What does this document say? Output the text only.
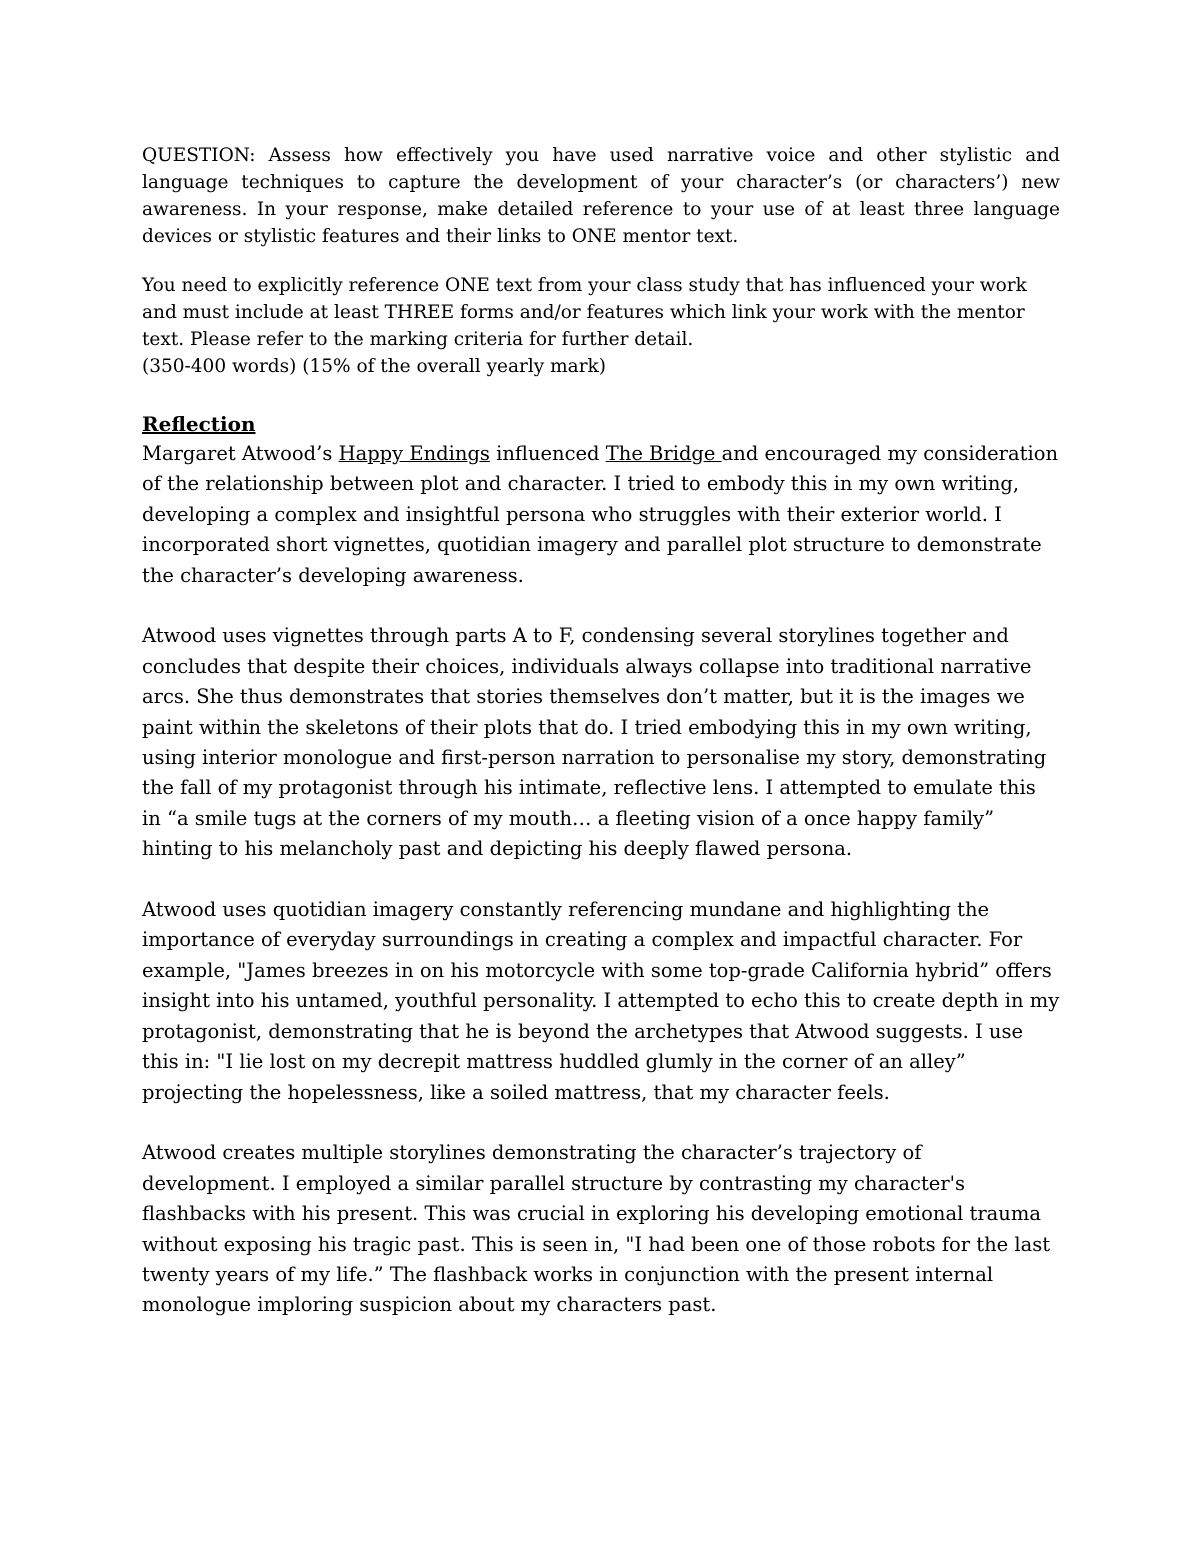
QUESTION: Assess how effectively you have used narrative voice and other stylistic and language techniques to capture the development of your character’s (or characters’) new awareness. In your response, make detailed reference to your use of at least three language devices or stylistic features and their links to ONE mentor text.

You need to explicitly reference ONE text from your class study that has influenced your work and must include at least THREE forms and/or features which link your work with the mentor text. Please refer to the marking criteria for further detail.

(350-400 words) (15% of the overall yearly mark)

Reflection

Margaret Atwood’s Happy Endings influenced The Bridge and encouraged my consideration of the relationship between plot and character. I tried to embody this in my own writing, developing a complex and insightful persona who struggles with their exterior world. I incorporated short vignettes, quotidian imagery and parallel plot structure to demonstrate the character’s developing awareness.

Atwood uses vignettes through parts A to F, condensing several storylines together and concludes that despite their choices, individuals always collapse into traditional narrative arcs. She thus demonstrates that stories themselves don’t matter, but it is the images we paint within the skeletons of their plots that do. I tried embodying this in my own writing, using interior monologue and first-person narration to personalise my story, demonstrating the fall of my protagonist through his intimate, reflective lens. I attempted to emulate this in “a smile tugs at the corners of my mouth… a fleeting vision of a once happy family” hinting to his melancholy past and depicting his deeply flawed persona.

Atwood uses quotidian imagery constantly referencing mundane and highlighting the importance of everyday surroundings in creating a complex and impactful character. For example, "James breezes in on his motorcycle with some top-grade California hybrid” offers insight into his untamed, youthful personality. I attempted to echo this to create depth in my protagonist, demonstrating that he is beyond the archetypes that Atwood suggests. I use this in: "I lie lost on my decrepit mattress huddled glumly in the corner of an alley” projecting the hopelessness, like a soiled mattress, that my character feels.

Atwood creates multiple storylines demonstrating the character’s trajectory of development. I employed a similar parallel structure by contrasting my character's flashbacks with his present. This was crucial in exploring his developing emotional trauma without exposing his tragic past. This is seen in, "I had been one of those robots for the last twenty years of my life.” The flashback works in conjunction with the present internal monologue imploring suspicion about my characters past.
